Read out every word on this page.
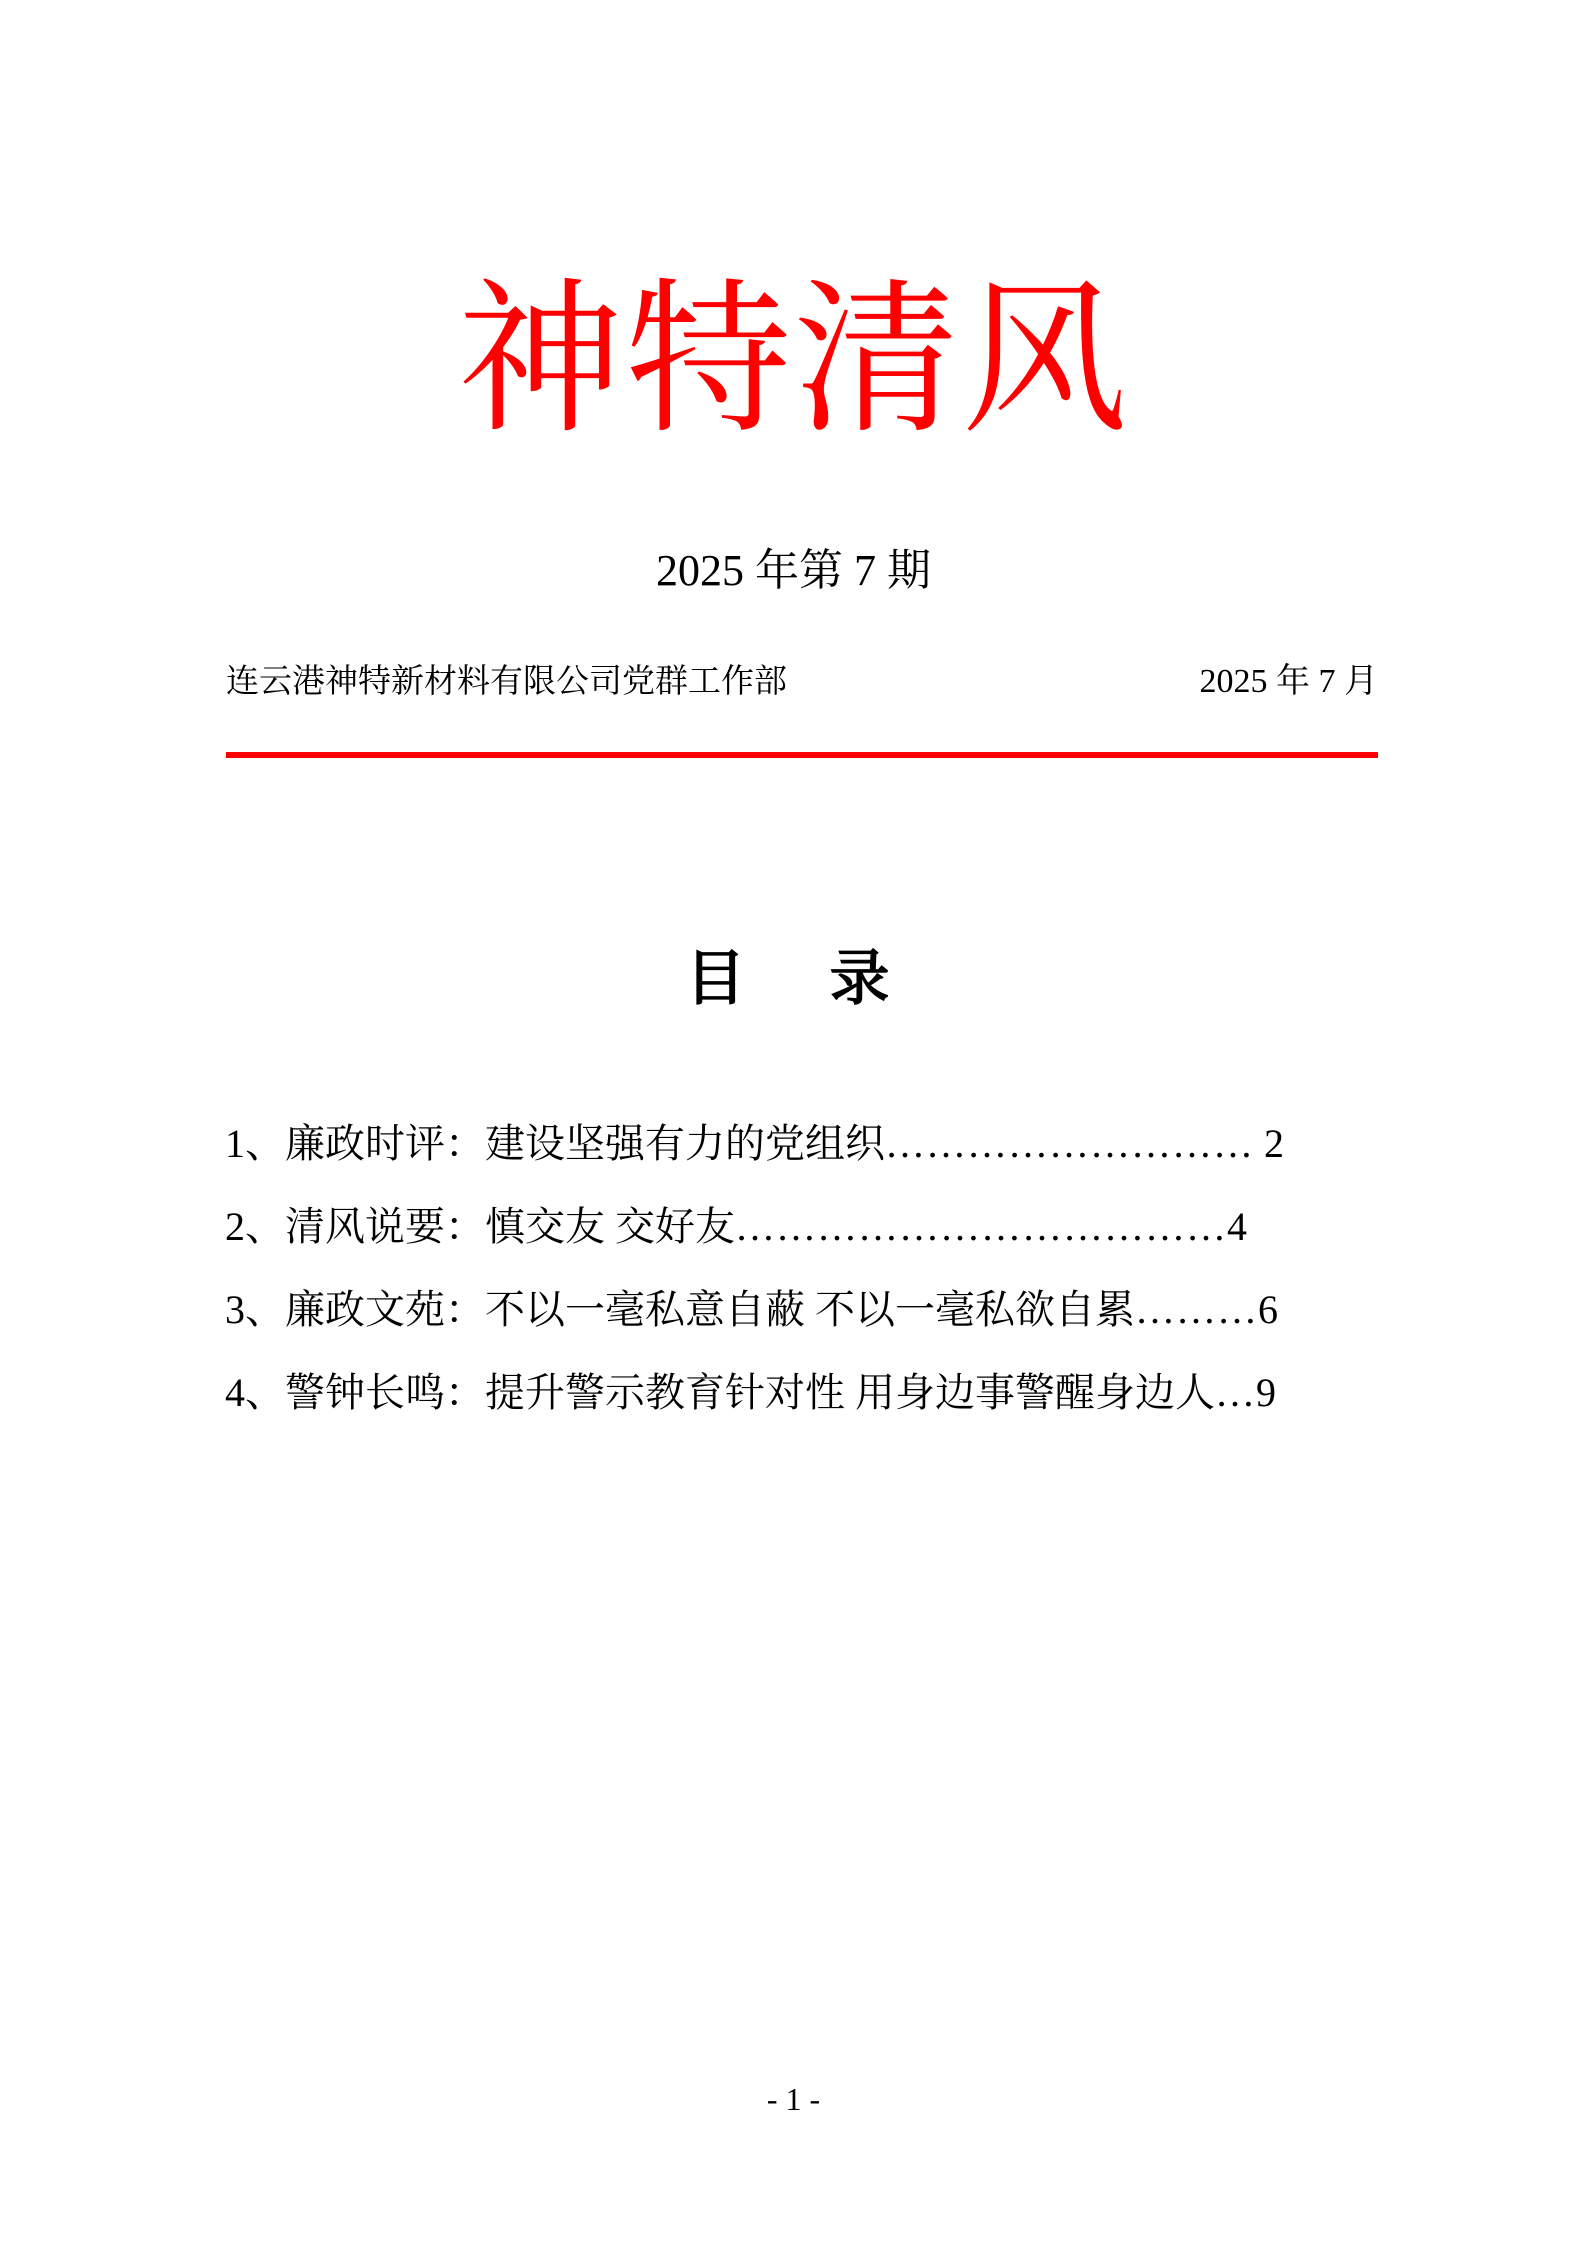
神特清风
2025 年第 7 期
连云港神特新材料有限公司党群工作部	2025 年 7 月
目　录
1、廉政时评：建设坚强有力的党组织……………………… 2
2、清风说要：慎交友 交好友………………………………4
3、廉政文苑：不以一毫私意自蔽 不以一毫私欲自累………6
4、警钟长鸣：提升警示教育针对性 用身边事警醒身边人…9
- 1 -
